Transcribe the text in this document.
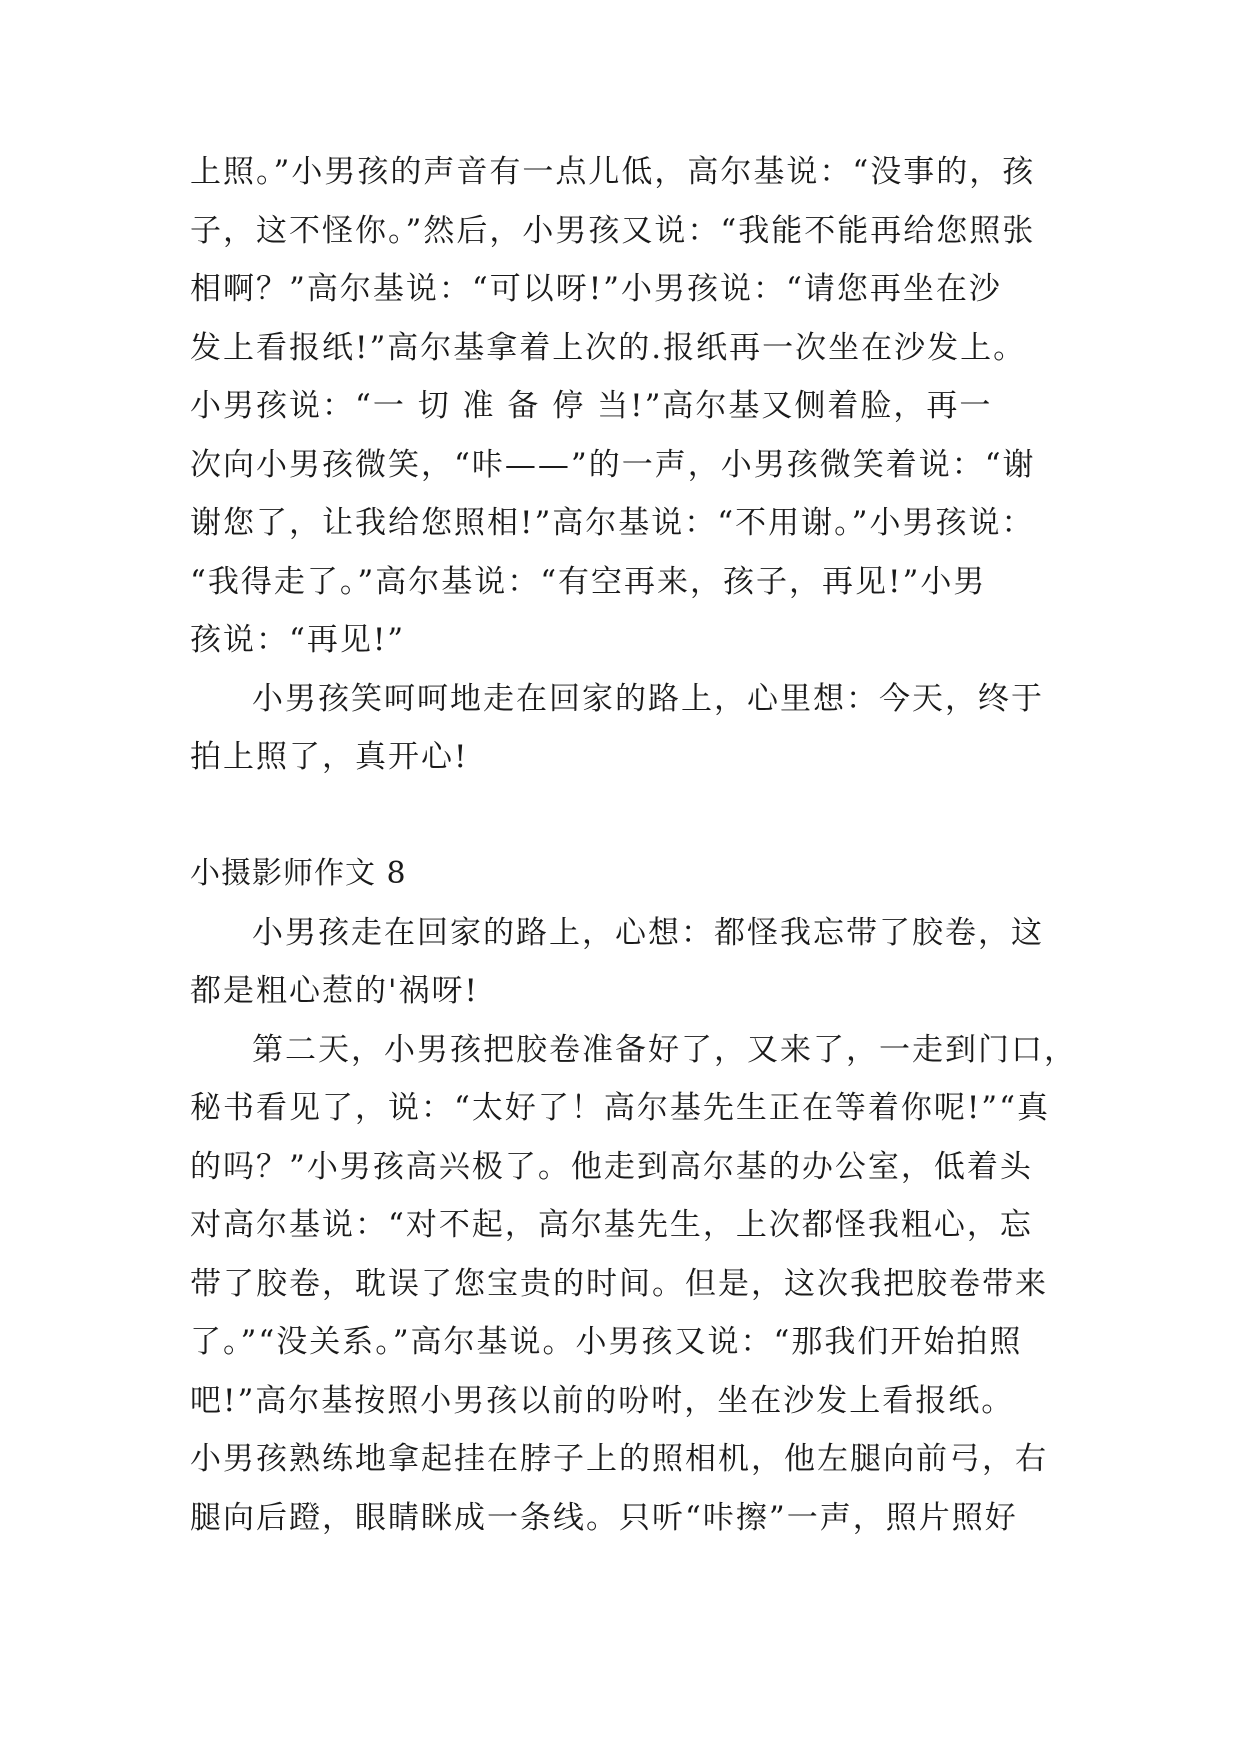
上照。”小男孩的声音有一点儿低，高尔基说：“没事的，孩
子，这不怪你。”然后，小男孩又说：“我能不能再给您照张
相啊？”高尔基说：“可以呀!”小男孩说：“请您再坐在沙
发上看报纸!”高尔基拿着上次的.报纸再一次坐在沙发上。
小男孩说：“一 切 准 备 停 当!”高尔基又侧着脸，再一
次向小男孩微笑，“咔——”的一声，小男孩微笑着说：“谢
谢您了，让我给您照相!”高尔基说：“不用谢。”小男孩说：
“我得走了。”高尔基说：“有空再来，孩子，再见!”小男
孩说：“再见!”
小男孩笑呵呵地走在回家的路上，心里想：今天，终于
拍上照了，真开心!
小摄影师作文 8
小男孩走在回家的路上，心想：都怪我忘带了胶卷，这
都是粗心惹的'祸呀!
第二天，小男孩把胶卷准备好了，又来了，一走到门口，
秘书看见了，说：“太好了！高尔基先生正在等着你呢!”“真
的吗？”小男孩高兴极了。他走到高尔基的办公室，低着头
对高尔基说：“对不起，高尔基先生，上次都怪我粗心，忘
带了胶卷，耽误了您宝贵的时间。但是，这次我把胶卷带来
了。”“没关系。”高尔基说。小男孩又说：“那我们开始拍照
吧!”高尔基按照小男孩以前的吩咐，坐在沙发上看报纸。
小男孩熟练地拿起挂在脖子上的照相机，他左腿向前弓，右
腿向后蹬，眼睛眯成一条线。只听“咔擦”一声，照片照好
